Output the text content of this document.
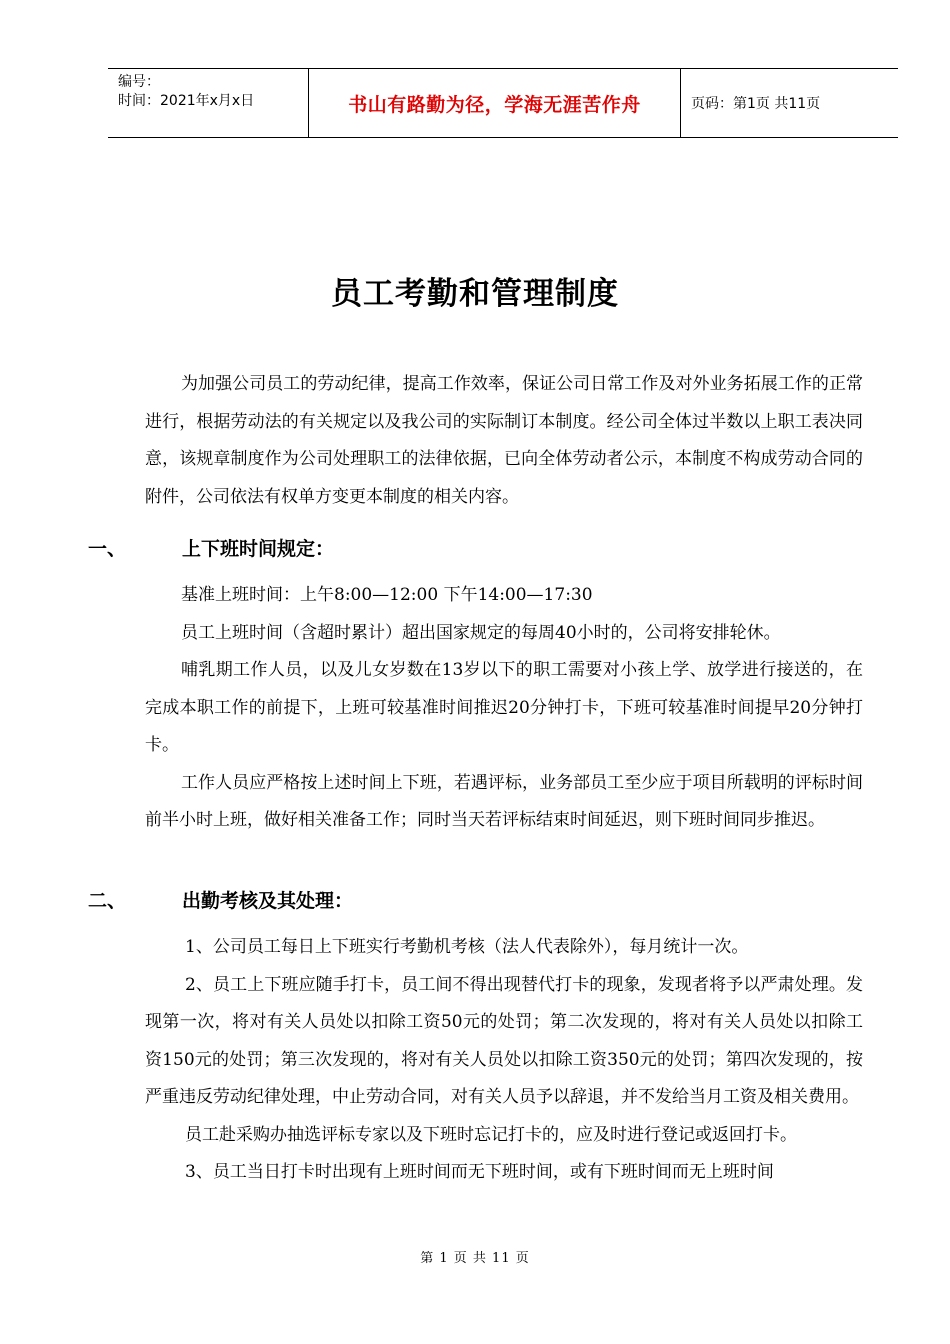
编号：
时间：2021年x月x日	书山有路勤为径，学海无涯苦作舟	页码：第1页 共11页
员工考勤和管理制度

为加强公司员工的劳动纪律，提高工作效率，保证公司日常工作及对外业务拓展工作的正常进行，根据劳动法的有关规定以及我公司的实际制订本制度。经公司全体过半数以上职工表决同意，该规章制度作为公司处理职工的法律依据，已向全体劳动者公示，本制度不构成劳动合同的附件，公司依法有权单方变更本制度的相关内容。

一、	上下班时间规定：

基准上班时间：上午8:00—12:00 下午14:00—17:30

员工上班时间（含超时累计）超出国家规定的每周40小时的，公司将安排轮休。

哺乳期工作人员，以及儿女岁数在13岁以下的职工需要对小孩上学、放学进行接送的，在完成本职工作的前提下，上班可较基准时间推迟20分钟打卡，下班可较基准时间提早20分钟打卡。

工作人员应严格按上述时间上下班，若遇评标，业务部员工至少应于项目所载明的评标时间前半小时上班，做好相关准备工作；同时当天若评标结束时间延迟，则下班时间同步推迟。

二、	出勤考核及其处理：

1、公司员工每日上下班实行考勤机考核（法人代表除外），每月统计一次。

2、员工上下班应随手打卡，员工间不得出现替代打卡的现象，发现者将予以严肃处理。发现第一次，将对有关人员处以扣除工资50元的处罚；第二次发现的，将对有关人员处以扣除工资150元的处罚；第三次发现的，将对有关人员处以扣除工资350元的处罚；第四次发现的，按严重违反劳动纪律处理，中止劳动合同，对有关人员予以辞退，并不发给当月工资及相关费用。

员工赴采购办抽选评标专家以及下班时忘记打卡的，应及时进行登记或返回打卡。

3、员工当日打卡时出现有上班时间而无下班时间，或有下班时间而无上班时间

第 1 页 共 11 页
